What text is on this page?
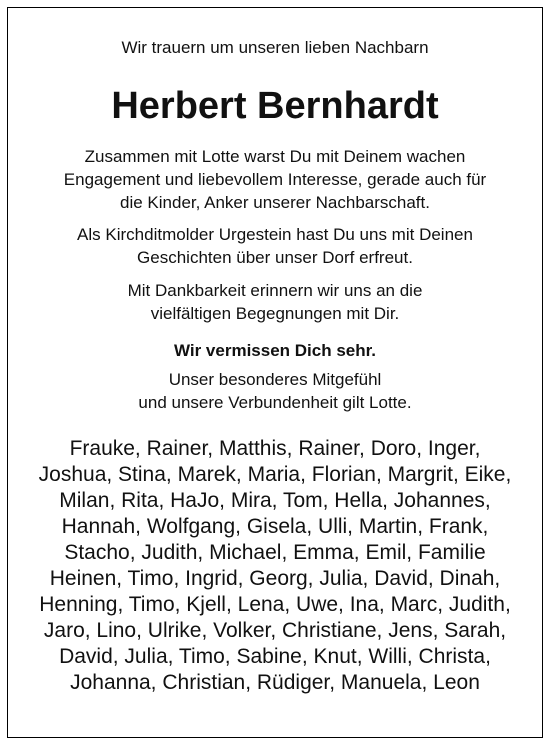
Wir trauern um unseren lieben Nachbarn
Herbert Bernhardt
Zusammen mit Lotte warst Du mit Deinem wachen
Engagement und liebevollem Interesse, gerade auch für
die Kinder, Anker unserer Nachbarschaft.
Als Kirchditmolder Urgestein hast Du uns mit Deinen
Geschichten über unser Dorf erfreut.
Mit Dankbarkeit erinnern wir uns an die
vielfältigen Begegnungen mit Dir.
Wir vermissen Dich sehr.
Unser besonderes Mitgefühl
und unsere Verbundenheit gilt Lotte.
Frauke, Rainer, Matthis, Rainer, Doro, Inger,
Joshua, Stina, Marek, Maria, Florian, Margrit, Eike,
Milan, Rita, HaJo, Mira, Tom, Hella, Johannes,
Hannah, Wolfgang, Gisela, Ulli, Martin, Frank,
Stacho, Judith, Michael, Emma, Emil, Familie
Heinen, Timo, Ingrid, Georg, Julia, David, Dinah,
Henning, Timo, Kjell, Lena, Uwe, Ina, Marc, Judith,
Jaro, Lino, Ulrike, Volker, Christiane, Jens, Sarah,
David, Julia, Timo, Sabine, Knut, Willi, Christa,
Johanna, Christian, Rüdiger, Manuela, Leon
